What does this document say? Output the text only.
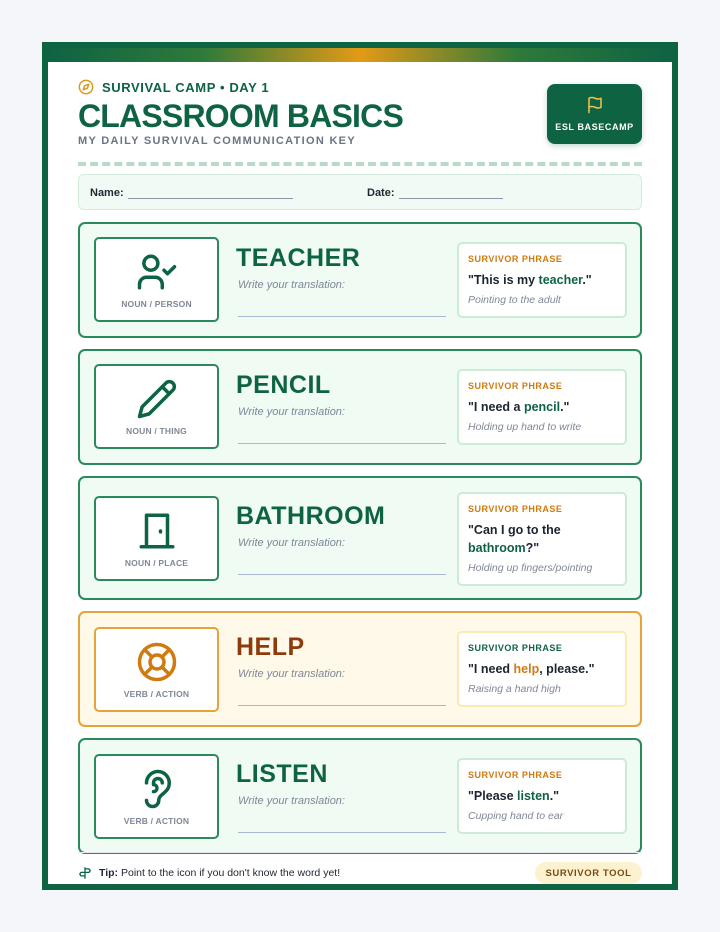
SURVIVAL CAMP • DAY 1
CLASSROOM BASICS
MY DAILY SURVIVAL COMMUNICATION KEY
ESL BASECAMP
Name:	Date:
NOUN / PERSON
TEACHER
Write your translation:
SURVIVOR PHRASE
"This is my teacher."
Pointing to the adult
NOUN / THING
PENCIL
Write your translation:
SURVIVOR PHRASE
"I need a pencil."
Holding up hand to write
NOUN / PLACE
BATHROOM
Write your translation:
SURVIVOR PHRASE
"Can I go to the bathroom?"
Holding up fingers/pointing
VERB / ACTION
HELP
Write your translation:
SURVIVOR PHRASE
"I need help, please."
Raising a hand high
VERB / ACTION
LISTEN
Write your translation:
SURVIVOR PHRASE
"Please listen."
Cupping hand to ear
Tip: Point to the icon if you don't know the word yet!	SURVIVOR TOOL
